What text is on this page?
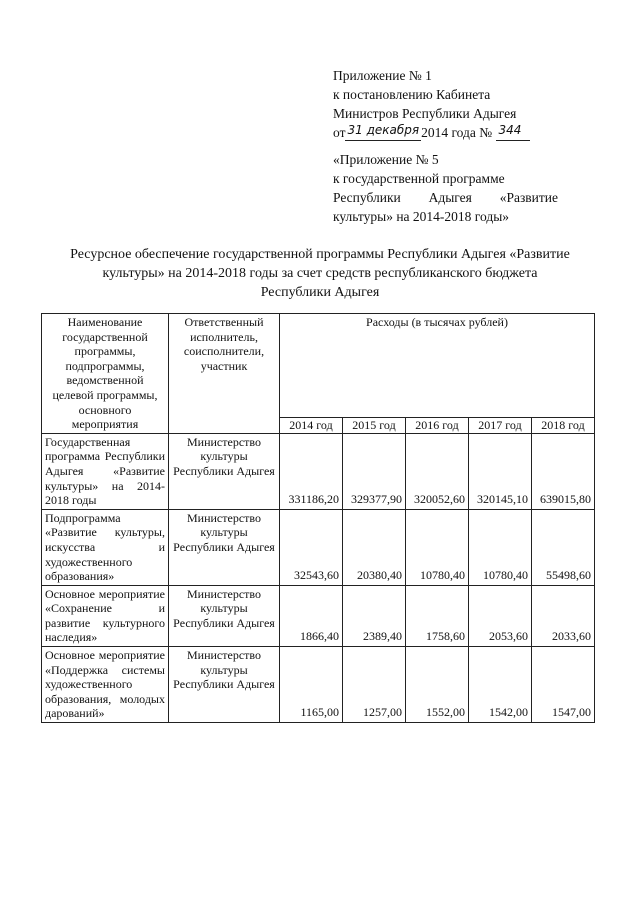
Приложение № 1
к постановлению Кабинета
Министров Республики Адыгея
от 31 декабря 2014 года № 344
«Приложение № 5
к государственной программе
Республики Адыгея «Развитие
культуры» на 2014-2018 годы»
Ресурсное обеспечение государственной программы Республики Адыгея «Развитие
культуры» на 2014-2018 годы за счет средств республиканского бюджета
Республики Адыгея
Наименование государственной программы, подпрограммы, ведомственной целевой программы, основного мероприятия	Ответственный исполнитель, соисполнители, участник	Расходы (в тысячах рублей)				
		2014 год	2015 год	2016 год	2017 год	2018 год
Государственная программа Республики Адыгея «Развитие культуры» на 2014-2018 годы	Министерство культуры Республики Адыгея	331186,20	329377,90	320052,60	320145,10	639015,80
Подпрограмма «Развитие культуры, искусства и художественного образования»	Министерство культуры Республики Адыгея	32543,60	20380,40	10780,40	10780,40	55498,60
Основное мероприятие «Сохранение и развитие культурного наследия»	Министерство культуры Республики Адыгея	1866,40	2389,40	1758,60	2053,60	2033,60
Основное мероприятие «Поддержка системы художественного образования, молодых дарований»	Министерство культуры Республики Адыгея	1165,00	1257,00	1552,00	1542,00	1547,00
